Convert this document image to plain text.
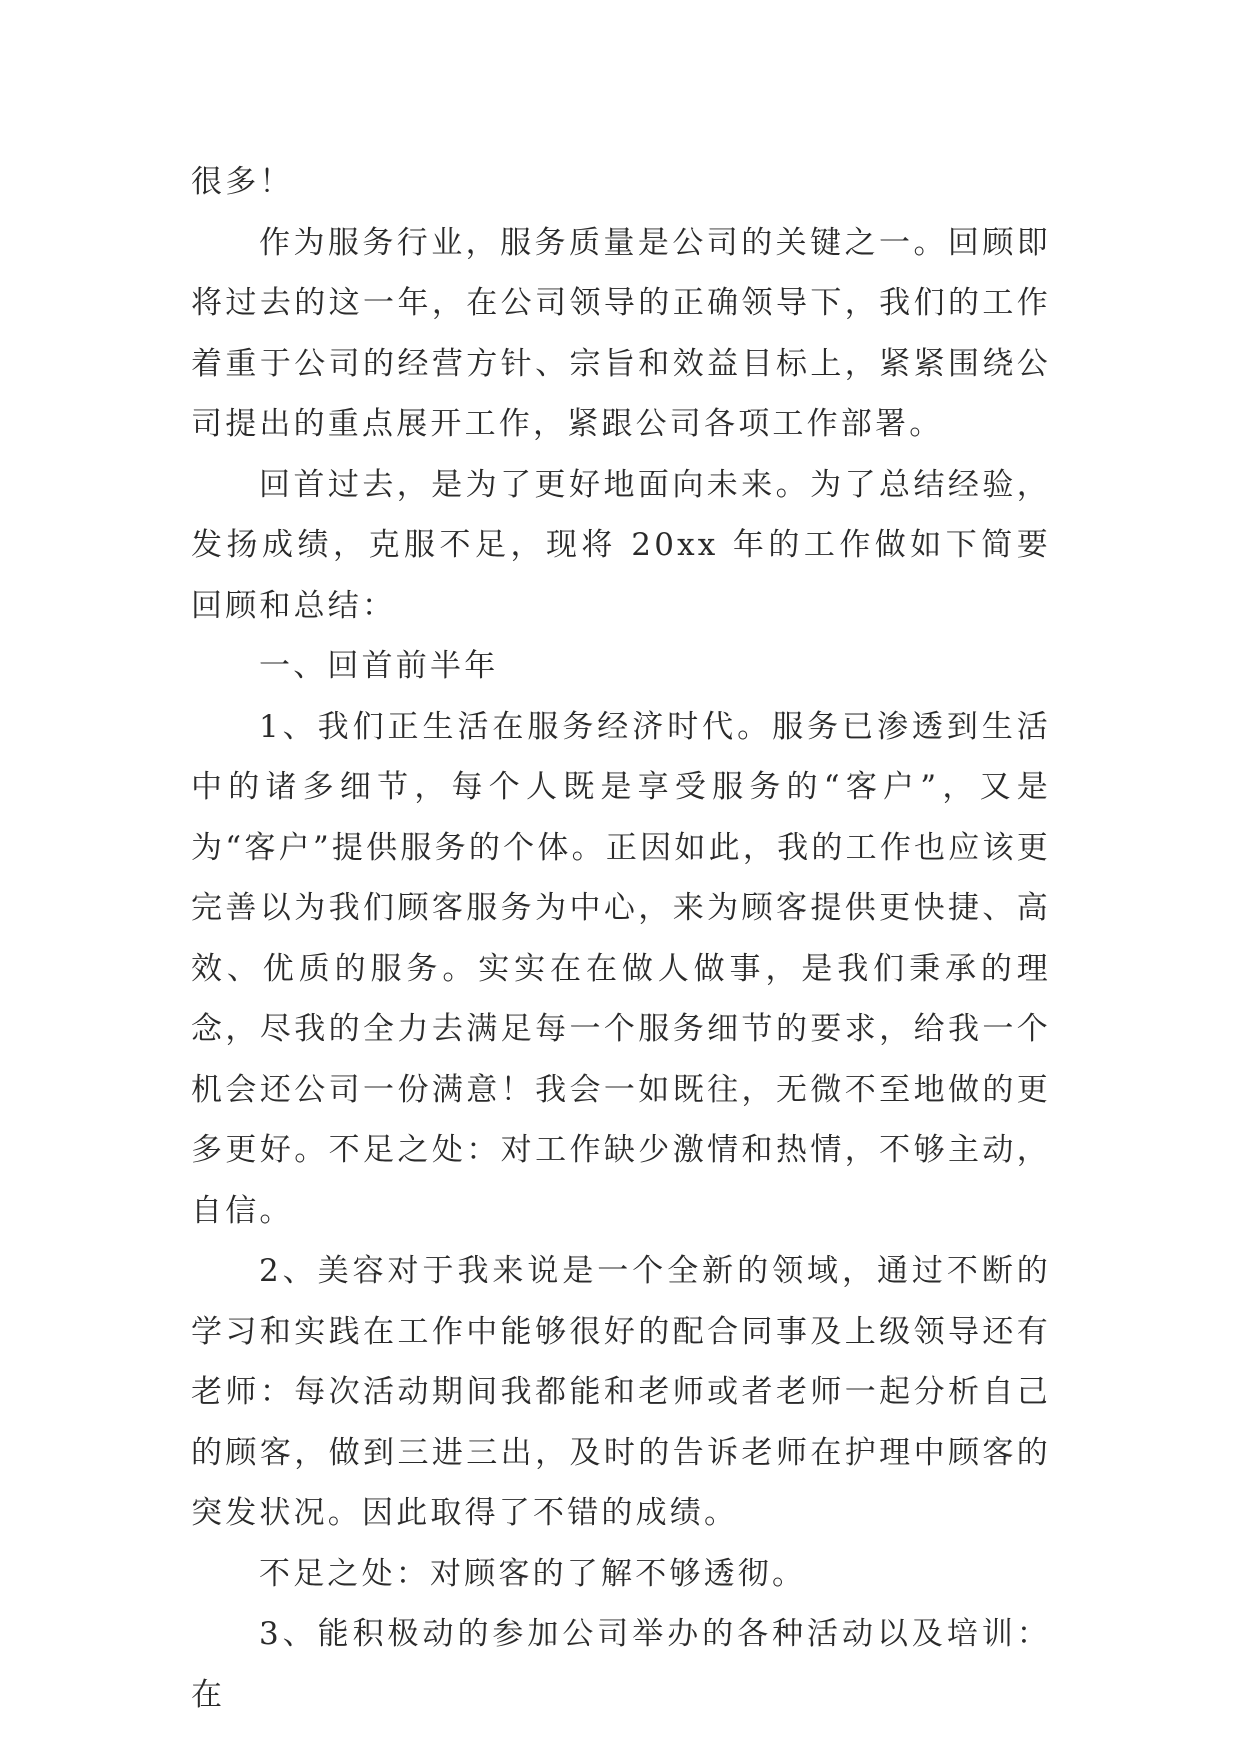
很多！

作为服务行业，服务质量是公司的关键之一。回顾即将过去的这一年，在公司领导的正确领导下，我们的工作着重于公司的经营方针、宗旨和效益目标上，紧紧围绕公司提出的重点展开工作，紧跟公司各项工作部署。

回首过去，是为了更好地面向未来。为了总结经验，发扬成绩，克服不足，现将 20xx 年的工作做如下简要回顾和总结：

一、回首前半年

1、我们正生活在服务经济时代。服务已渗透到生活中的诸多细节，每个人既是享受服务的“客户”，又是为“客户”提供服务的个体。正因如此，我的工作也应该更完善以为我们顾客服务为中心，来为顾客提供更快捷、高效、优质的服务。实实在在做人做事，是我们秉承的理念，尽我的全力去满足每一个服务细节的要求，给我一个机会还公司一份满意！我会一如既往，无微不至地做的更多更好。不足之处：对工作缺少激情和热情，不够主动，自信。

2、美容对于我来说是一个全新的领域，通过不断的学习和实践在工作中能够很好的配合同事及上级领导还有老师：每次活动期间我都能和老师或者老师一起分析自己的顾客，做到三进三出，及时的告诉老师在护理中顾客的突发状况。因此取得了不错的成绩。

不足之处：对顾客的了解不够透彻。

3、能积极动的参加公司举办的各种活动以及培训：在
